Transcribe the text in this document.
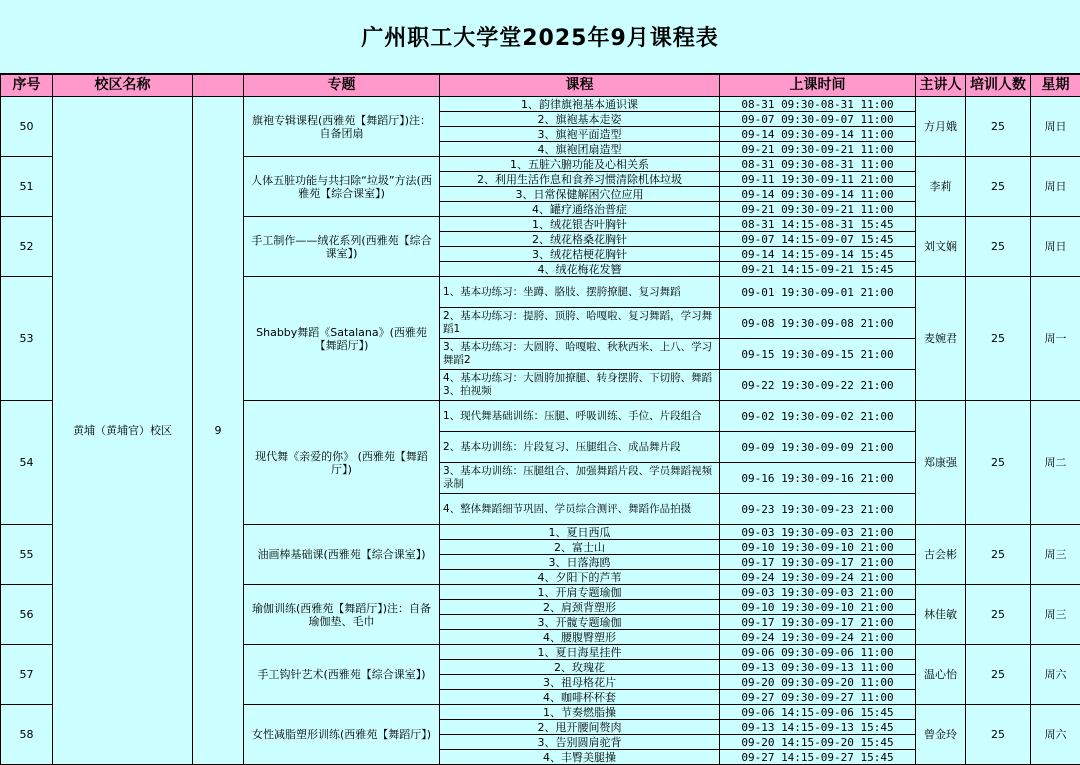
广州职工大学堂2025年9月课程表
序号	校区名称		专题	课程	上课时间	主讲人	培训人数	星期
50	黄埔（黄埔官）校区	9	旗袍专辑课程(西雅苑【舞蹈厅】)注：自备团扇	1、韵律旗袍基本通识课	08-31 09:30-08-31 11:00	方月娥	25	周日
				2、旗袍基本走姿	09-07 09:30-09-07 11:00			
				3、旗袍平面造型	09-14 09:30-09-14 11:00			
				4、旗袍团扇造型	09-21 09:30-09-21 11:00			
51			人体五脏功能与共扫除“垃圾”方法(西雅苑【综合课室】)	1、五脏六腑功能及心相关系	08-31 09:30-08-31 11:00	李莉	25	周日
				2、利用生活作息和食养习惯清除机体垃圾	09-11 19:30-09-11 21:00			
				3、日常保健解困穴位应用	09-14 09:30-09-14 11:00			
				4、罐疗通络治普症	09-21 09:30-09-21 11:00			
52			手工制作——绒花系列(西雅苑【综合课室】)	1、绒花银杏叶胸针	08-31 14:15-08-31 15:45	刘文娴	25	周日
				2、绒花格桑花胸针	09-07 14:15-09-07 15:45			
				3、绒花桔梗花胸针	09-14 14:15-09-14 15:45			
				4、绒花梅花发簪	09-21 14:15-09-21 15:45			
53			Shabby舞蹈《Satalana》(西雅苑【舞蹈厅】)	1、基本功练习：坐蹲、胳肢、摆胯撩腿、复习舞蹈	09-01 19:30-09-01 21:00	麦婉君	25	周一
				2、基本功练习：提胯、顶胯、哈嘎啦、复习舞蹈，学习舞蹈1	09-08 19:30-09-08 21:00			
				3、基本功练习：大圆胯、哈嘎啦、秋秋西米、上八、学习舞蹈2	09-15 19:30-09-15 21:00			
				4、基本功练习：大圆胯加撩腿、转身摆胯、下切胯、舞蹈3、拍视频	09-22 19:30-09-22 21:00			
54			现代舞《亲爱的你》 (西雅苑【舞蹈厅】)	1、现代舞基础训练：压腿、呼吸训练、手位、片段组合	09-02 19:30-09-02 21:00	郑康强	25	周二
				2、基本功训练：片段复习、压腿组合、成品舞片段	09-09 19:30-09-09 21:00			
				3、基本功训练：压腿组合、加强舞蹈片段、学员舞蹈视频录制	09-16 19:30-09-16 21:00			
				4、整体舞蹈细节巩固、学员综合测评、舞蹈作品拍摄	09-23 19:30-09-23 21:00			
55			油画棒基础课(西雅苑【综合课室】)	1、夏日西瓜	09-03 19:30-09-03 21:00	古会彬	25	周三
				2、富士山	09-10 19:30-09-10 21:00			
				3、日落海鸥	09-17 19:30-09-17 21:00			
				4、夕阳下的芦苇	09-24 19:30-09-24 21:00			
56			瑜伽训练(西雅苑【舞蹈厅】)注：自备瑜伽垫、毛巾	1、开肩专题瑜伽	09-03 19:30-09-03 21:00	林佳敏	25	周三
				2、肩颈背塑形	09-10 19:30-09-10 21:00			
				3、开髋专题瑜伽	09-17 19:30-09-17 21:00			
				4、腰腹臀塑形	09-24 19:30-09-24 21:00			
57			手工钩针艺术(西雅苑【综合课室】)	1、夏日海星挂件	09-06 09:30-09-06 11:00	温心怡	25	周六
				2、玫瑰花	09-13 09:30-09-13 11:00			
				3、祖母格花片	09-20 09:30-09-20 11:00			
				4、咖啡杯杯套	09-27 09:30-09-27 11:00			
58			女性减脂塑形训练(西雅苑【舞蹈厅】)	1、节奏燃脂操	09-06 14:15-09-06 15:45	曾金玲	25	周六
				2、甩开腰间赘肉	09-13 14:15-09-13 15:45			
				3、告别圆肩驼背	09-20 14:15-09-20 15:45			
				4、丰臀美腿操	09-27 14:15-09-27 15:45			
